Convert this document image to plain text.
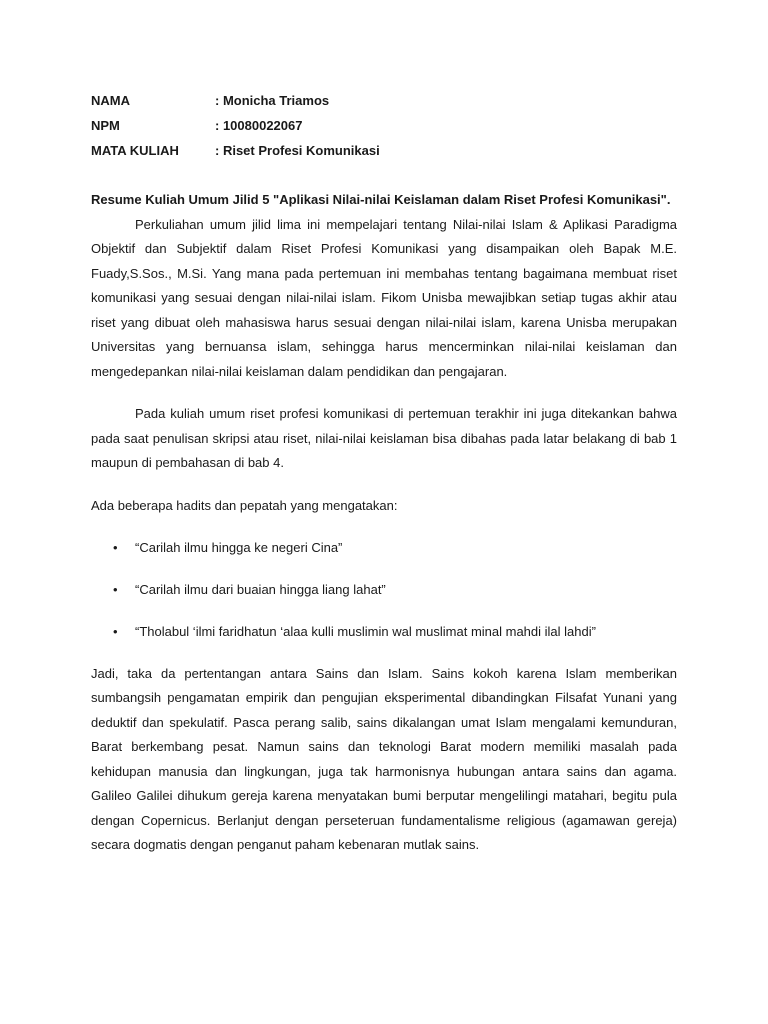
NAMA	: Monicha Triamos
NPM	: 10080022067
MATA KULIAH	: Riset Profesi Komunikasi
Resume Kuliah Umum Jilid 5 "Aplikasi Nilai-nilai Keislaman dalam Riset Profesi Komunikasi".

Perkuliahan umum jilid lima ini mempelajari tentang Nilai-nilai Islam & Aplikasi Paradigma Objektif dan Subjektif dalam Riset Profesi Komunikasi yang disampaikan oleh Bapak M.E. Fuady,S.Sos., M.Si. Yang mana pada pertemuan ini membahas tentang bagaimana membuat riset komunikasi yang sesuai dengan nilai-nilai islam. Fikom Unisba mewajibkan setiap tugas akhir atau riset yang dibuat oleh mahasiswa harus sesuai dengan nilai-nilai islam, karena Unisba merupakan Universitas yang bernuansa islam, sehingga harus mencerminkan nilai-nilai keislaman dan mengedepankan nilai-nilai keislaman dalam pendidikan dan pengajaran.

Pada kuliah umum riset profesi komunikasi di pertemuan terakhir ini juga ditekankan bahwa pada saat penulisan skripsi atau riset, nilai-nilai keislaman bisa dibahas pada latar belakang di bab 1 maupun di pembahasan di bab 4.

Ada beberapa hadits dan pepatah yang mengatakan:
• “Carilah ilmu hingga ke negeri Cina”
• “Carilah ilmu dari buaian hingga liang lahat”
• “Tholabul ‘ilmi faridhatun ‘alaa kulli muslimin wal muslimat minal mahdi ilal lahdi”

Jadi, taka da pertentangan antara Sains dan Islam. Sains kokoh karena Islam memberikan sumbangsih pengamatan empirik dan pengujian eksperimental dibandingkan Filsafat Yunani yang deduktif dan spekulatif. Pasca perang salib, sains dikalangan umat Islam mengalami kemunduran, Barat berkembang pesat. Namun sains dan teknologi Barat modern memiliki masalah pada kehidupan manusia dan lingkungan, juga tak harmonisnya hubungan antara sains dan agama. Galileo Galilei dihukum gereja karena menyatakan bumi berputar mengelilingi matahari, begitu pula dengan Copernicus. Berlanjut dengan perseteruan fundamentalisme religious (agamawan gereja) secara dogmatis dengan penganut paham kebenaran mutlak sains.
